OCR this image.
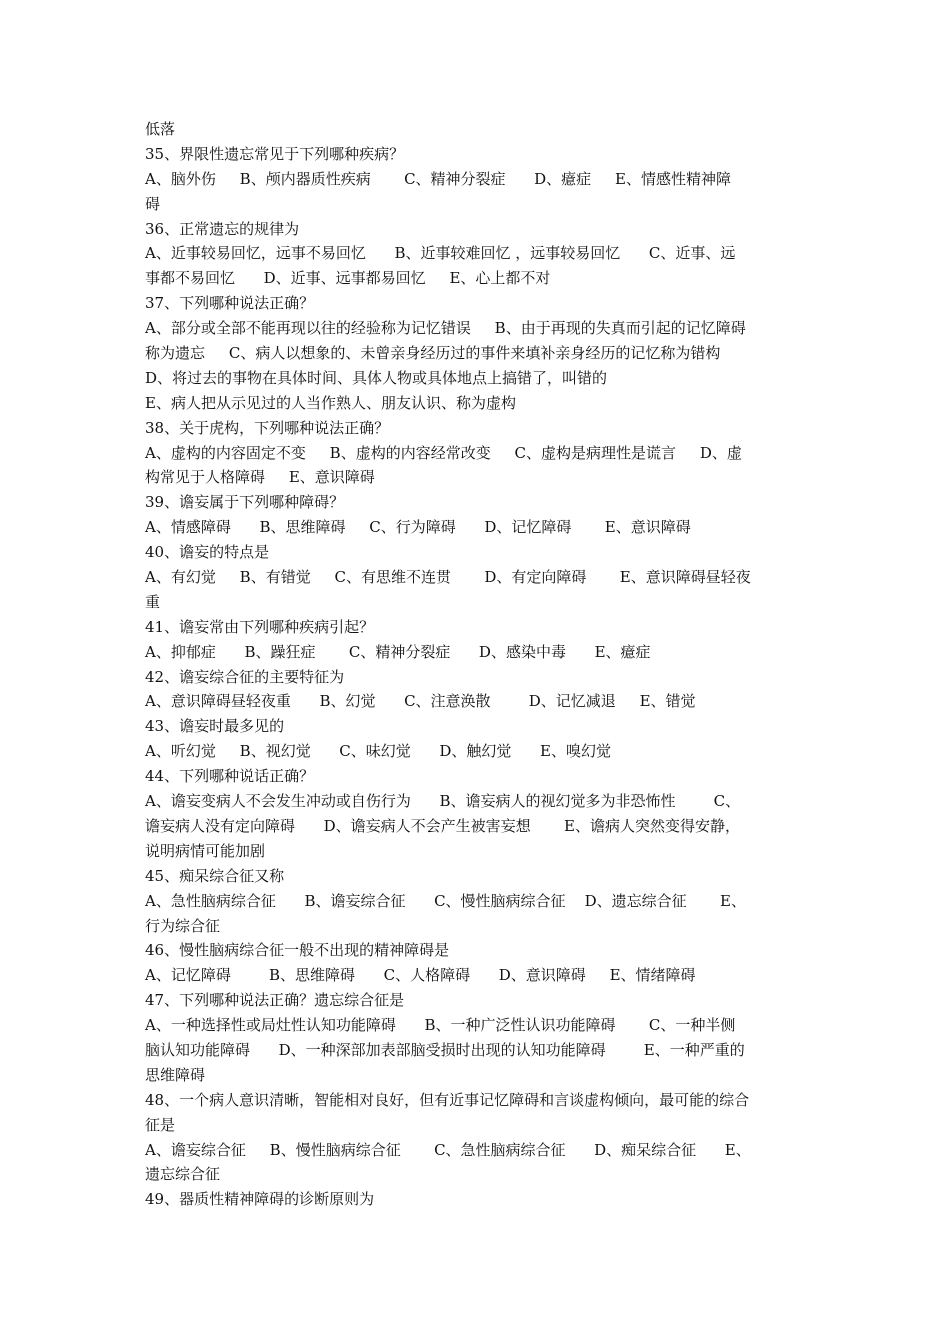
低落
35、界限性遗忘常见于下列哪种疾病？
A、脑外伤     B、颅内器质性疾病       C、精神分裂症      D、癔症     E、情感性精神障
碍
36、正常遗忘的规律为
A、近事较易回忆，远事不易回忆      B、近事较难回忆 ，远事较易回忆      C、近事、远
事都不易回忆      D、近事、远事都易回忆     E、心上都不对
37、下列哪种说法正确？
A、部分或全部不能再现以往的经验称为记忆错误     B、由于再现的失真而引起的记忆障碍
称为遗忘     C、病人以想象的、未曾亲身经历过的事件来填补亲身经历的记忆称为错构
D、将过去的事物在具体时间、具体人物或具体地点上搞错了，叫错的
E、病人把从示见过的人当作熟人、朋友认识、称为虚构
38、关于虎构，下列哪种说法正确？
A、虚构的内容固定不变     B、虚构的内容经常改变     C、虚构是病理性是谎言     D、虚
构常见于人格障碍     E、意识障碍
39、谵妄属于下列哪种障碍？
A、情感障碍      B、思维障碍     C、行为障碍      D、记忆障碍       E、意识障碍
40、谵妄的特点是
A、有幻觉     B、有错觉     C、有思维不连贯       D、有定向障碍       E、意识障碍昼轻夜
重
41、谵妄常由下列哪种疾病引起？
A、抑郁症      B、躁狂症       C、精神分裂症      D、感染中毒      E、癔症
42、谵妄综合征的主要特征为
A、意识障碍昼轻夜重      B、幻觉      C、注意涣散        D、记忆减退     E、错觉
43、谵妄时最多见的
A、听幻觉     B、视幻觉      C、味幻觉      D、触幻觉      E、嗅幻觉
44、下列哪种说话正确？
A、谵妄变病人不会发生冲动或自伤行为      B、谵妄病人的视幻觉多为非恐怖性        C、
谵妄病人没有定向障碍      D、谵妄病人不会产生被害妄想       E、谵病人突然变得安静，
说明病情可能加剧
45、痴呆综合征又称
A、急性脑病综合征      B、谵妄综合征      C、慢性脑病综合征    D、遗忘综合征       E、
行为综合征
46、慢性脑病综合征一般不出现的精神障碍是
A、记忆障碍        B、思维障碍      C、人格障碍      D、意识障碍     E、情绪障碍
47、下列哪种说法正确？遗忘综合征是
A、一种选择性或局灶性认知功能障碍      B、一种广泛性认识功能障碍       C、一种半侧
脑认知功能障碍      D、一种深部加表部脑受损时出现的认知功能障碍        E、一种严重的
思维障碍
48、一个病人意识清晰，智能相对良好，但有近事记忆障碍和言谈虚构倾向，最可能的综合
征是
A、谵妄综合征     B、慢性脑病综合征       C、急性脑病综合征      D、痴呆综合征      E、
遗忘综合征
49、器质性精神障碍的诊断原则为
